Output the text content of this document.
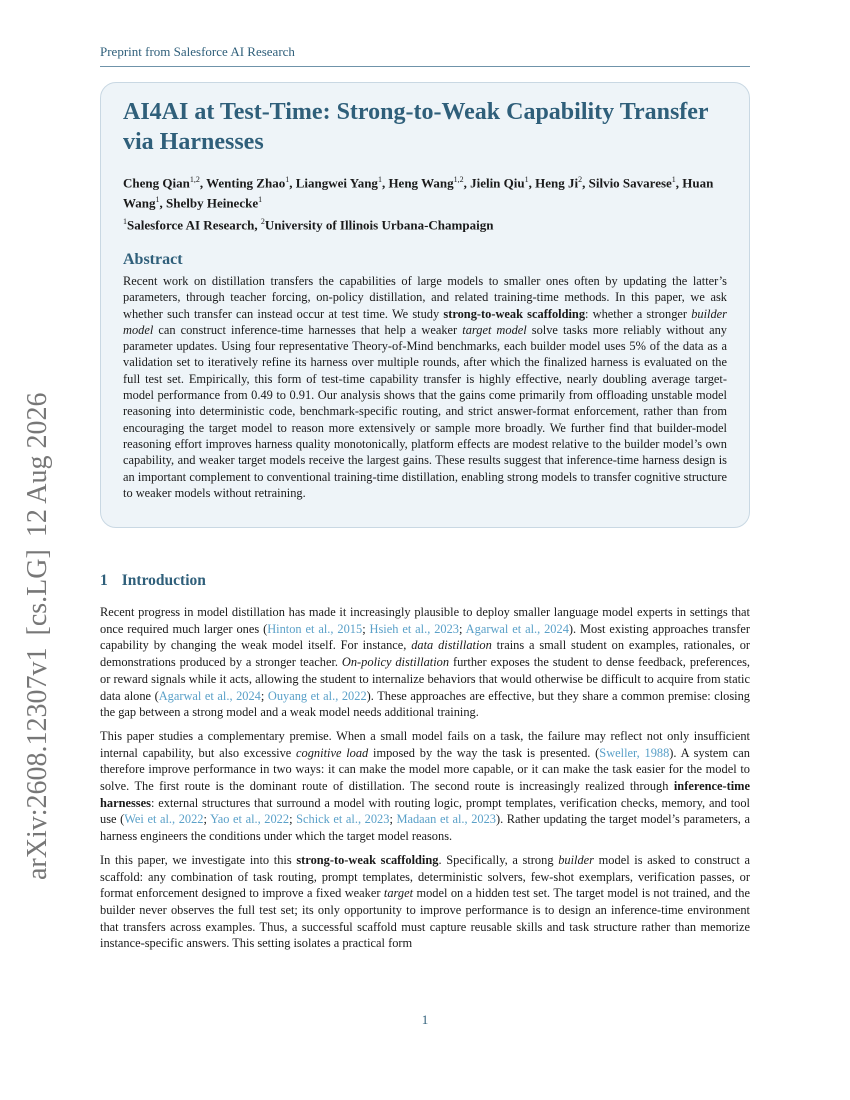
Preprint from Salesforce AI Research
arXiv:2608.12307v1[cs.LG]12 Aug 2026
AI4AI at Test-Time: Strong-to-Weak Capability Transfer
via Harnesses

Cheng Qian$^{1,2}$, Wenting Zhao$^1$, Liangwei Yang$^1$, Heng Wang$^{1,2}$, Jielin Qiu$^1$, Heng Ji$^2$, Silvio Savarese$^1$, Huan Wang$^1$, Shelby Heinecke$^1$

$^1$Salesforce AI Research, $^2$University of Illinois Urbana-Champaign

Abstract

Recent work on distillation transfers the capabilities of large models to smaller ones often by updating the latter’s parameters, through teacher forcing, on-policy distillation, and related training-time methods. In this paper, we ask whether such transfer can instead occur at test time. We study strong-to-weak scaffolding: whether a stronger builder model can construct inference-time harnesses that help a weaker target model solve tasks more reliably without any parameter updates. Using four representative Theory-of-Mind benchmarks, each builder model uses 5% of the data as a validation set to iteratively refine its harness over multiple rounds, after which the finalized harness is evaluated on the full test set. Empirically, this form of test-time capability transfer is highly effective, nearly doubling average target-model performance from 0.49 to 0.91. Our analysis shows that the gains come primarily from offloading unstable model reasoning into deterministic code, benchmark-specific routing, and strict answer-format enforcement, rather than from encouraging the target model to reason more extensively or sample more broadly. We further find that builder-model reasoning effort improves harness quality monotonically, platform effects are modest relative to the builder model’s own capability, and weaker target models receive the largest gains. These results suggest that inference-time harness design is an important complement to conventional training-time distillation, enabling strong models to transfer cognitive structure to weaker models without retraining.

1 Introduction

Recent progress in model distillation has made it increasingly plausible to deploy smaller language model experts in settings that once required much larger ones (Hinton et al., 2015; Hsieh et al., 2023; Agarwal et al., 2024). Most existing approaches transfer capability by changing the weak model itself. For instance, data distillation trains a small student on examples, rationales, or demonstrations produced by a stronger teacher. On-policy distillation further exposes the student to dense feedback, preferences, or reward signals while it acts, allowing the student to internalize behaviors that would otherwise be difficult to acquire from static data alone (Agarwal et al., 2024; Ouyang et al., 2022). These approaches are effective, but they share a common premise: closing the gap between a strong model and a weak model needs additional training.

This paper studies a complementary premise. When a small model fails on a task, the failure may reflect not only insufficient internal capability, but also excessive cognitive load imposed by the way the task is presented. (Sweller, 1988). A system can therefore improve performance in two ways: it can make the model more capable, or it can make the task easier for the model to solve. The first route is the dominant route of distillation. The second route is increasingly realized through inference-time harnesses: external structures that surround a model with routing logic, prompt templates, verification checks, memory, and tool use (Wei et al., 2022; Yao et al., 2022; Schick et al., 2023; Madaan et al., 2023). Rather updating the target model’s parameters, a harness engineers the conditions under which the target model reasons.

In this paper, we investigate into this strong-to-weak scaffolding. Specifically, a strong builder model is asked to construct a scaffold: any combination of task routing, prompt templates, deterministic solvers, few-shot exemplars, verification passes, or format enforcement designed to improve a fixed weaker target model on a hidden test set. The target model is not trained, and the builder never observes the full test set; its only opportunity to improve performance is to design an inference-time environment that transfers across examples. Thus, a successful scaffold must capture reusable skills and task structure rather than memorize instance-specific answers. This setting isolates a practical form

1
